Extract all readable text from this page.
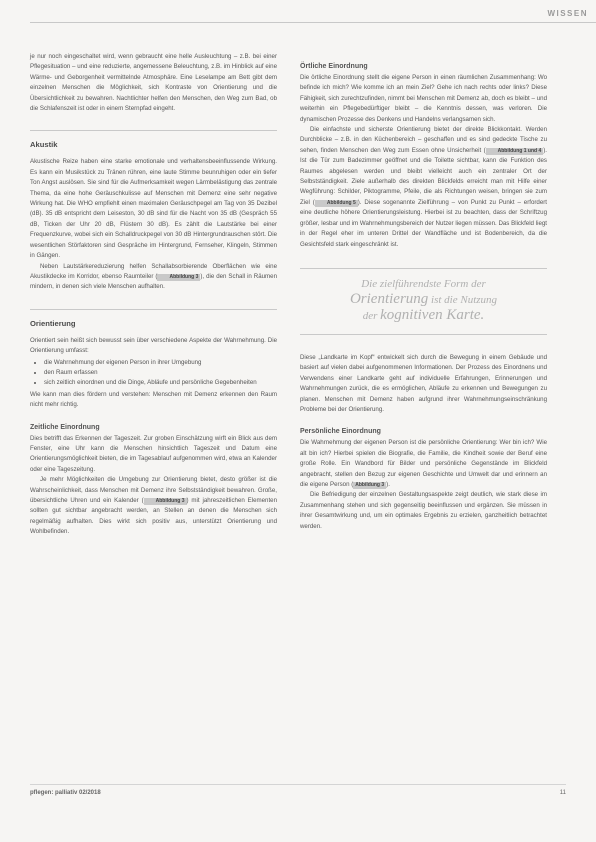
WISSEN

je nur noch eingeschaltet wird, wenn gebraucht eine helle Ausleuchtung – z.B. bei einer Pflegesituation – und eine reduzierte, angemessene Beleuchtung, z.B. im Hinblick auf eine Wärme- und Geborgenheit vermittelnde Atmosphäre. Eine Leselampe am Bett gibt dem einzelnen Menschen die Möglichkeit, sich Kontraste von Orientierung und die Übersichtlichkeit zu bewahren. Nachtlichter helfen den Menschen, den Weg zum Bad, ob die Schlafenszeit ist oder in einem Sternpfad eingeht.

Akustik

Akustische Reize haben eine starke emotionale und verhaltensbeeinflussende Wirkung. Es kann ein Musikstück zu Tränen rühren, eine laute Stimme beunruhigen oder ein tiefer Ton Angst auslösen. Sie sind für die Aufmerksamkeit wegen Lärmbelästigung das zentrale Thema, da eine hohe Geräuschkulisse auf Menschen mit Demenz eine sehr negative Wirkung hat. Die WHO empfiehlt einen maximalen Geräuschpegel am Tag von 35 Dezibel (dB). 35 dB entspricht dem Leiseston, 30 dB sind für die Nacht von 35 dB (Gespräch 55 dB, Ticken der Uhr 20 dB, Flüstern 30 dB). Es zählt die Lautstärke bei einer Frequenzkurve, wobei sich ein Schalldruckpegel von 30 dB Hintergrundrauschen stört. Die wesentlichen Störfaktoren sind Gespräche im Hintergrund, Fernseher, Klingeln, Stimmen in Gängen.

Neben Lautstärkereduzierung helfen Schallabsorbierende Oberflächen wie eine Akustikdecke im Korridor, ebenso Raumteiler ( Abbildung 3 ), die den Schall in Räumen mindern, in denen sich viele Menschen aufhalten.

Orientierung

Orientiert sein heißt sich bewusst sein über verschiedene Aspekte der Wahrnehmung. Die Orientierung umfasst:

• die Wahrnehmung der eigenen Person in ihrer Umgebung
• den Raum erfassen
• sich zeitlich einordnen und die Dinge, Abläufe und persönliche Gegebenheiten

Wie kann man dies fördern und verstehen: Menschen mit Demenz erkennen den Raum nicht mehr richtig.

Zeitliche Einordnung

Dies betrifft das Erkennen der Tageszeit. Zur groben Einschätzung wirft ein Blick aus dem Fenster, eine Uhr kann die Menschen hinsichtlich Tageszeit und Datum eine Orientierungsmöglichkeit bieten, die im Tagesablauf aufgenommen wird, etwa an Kalender oder eine Tageszeitung.

Je mehr Möglichkeiten die Umgebung zur Orientierung bietet, desto größer ist die Wahrscheinlichkeit, dass Menschen mit Demenz ihre Selbstständigkeit bewahren. Große, übersichtliche Uhren und ein Kalender ( Abbildung 3 ) mit jahreszeitlichen Elementen sollten gut sichtbar angebracht werden, an Stellen an denen die Menschen sich regelmäßig aufhalten. Dies wirkt sich positiv aus, unterstützt Orientierung und Wohlbefinden.

Örtliche Einordnung

Die örtliche Einordnung stellt die eigene Person in einen räumlichen Zusammenhang: Wo befinde ich mich? Wie komme ich an mein Ziel? Gehe ich nach rechts oder links? Diese Fähigkeit, sich zurechtzufinden, nimmt bei Menschen mit Demenz ab, doch es bleibt – und weiterhin ein Pflegebedürftiger bleibt – die Kenntnis dessen, was verloren. Die dynamischen Prozesse des Denkens und Handelns verlangsamen sich.

Die einfachste und sicherste Orientierung bietet der direkte Blickkontakt. Werden Durchblicke – z.B. in den Küchenbereich – geschaffen und es sind gedeckte Tische zu sehen, finden Menschen den Weg zum Essen ohne Unsicherheit ( Abbildung 1 und 4 ). Ist die Tür zum Badezimmer geöffnet und die Toilette sichtbar, kann die Funktion des Raumes abgelesen werden und bleibt vielleicht auch ein zentraler Ort der Selbstständigkeit. Ziele außerhalb des direkten Blickfelds erreicht man mit Hilfe einer Wegführung: Schilder, Piktogramme, Pfeile, die als Richtungen weisen, bringen sie zum Ziel ( Abbildung 5 ). Diese sogenannte Zielführung – von Punkt zu Punkt – erfordert eine deutliche höhere Orientierungsleistung. Hierbei ist zu beachten, dass der Schriftzug größer, lesbar und im Wahrnehmungsbereich der Nutzer liegen müssen. Das Blickfeld liegt in der Regel eher im unteren Drittel der Wandfläche und ist Bodenbereich, da die Gesichtsfeld stark eingeschränkt ist.

Die zielführendste Form der
Orientierung ist die Nutzung
der kognitiven Karte.

Diese „Landkarte im Kopf“ entwickelt sich durch die Bewegung in einem Gebäude und basiert auf vielen dabei aufgenommenen Informationen. Der Prozess des Einordnens und Verwendens einer Landkarte geht auf individuelle Erfahrungen, Erinnerungen und Wahrnehmungen zurück, die es ermöglichen, Abläufe zu erkennen und Bewegungen zu planen. Menschen mit Demenz haben aufgrund ihrer Wahrnehmungseinschränkung Probleme bei der Orientierung.

Persönliche Einordnung

Die Wahrnehmung der eigenen Person ist die persönliche Orientierung: Wer bin ich? Wie alt bin ich? Hierbei spielen die Biografie, die Familie, die Kindheit sowie der Beruf eine große Rolle. Ein Wandbord für Bilder und persönliche Gegenstände im Blickfeld angebracht, stellen den Bezug zur eigenen Geschichte und Umwelt dar und erinnern an die eigene Person ( Abbildung 3 ).

Die Befriedigung der einzelnen Gestaltungsaspekte zeigt deutlich, wie stark diese im Zusammenhang stehen und sich gegenseitig beeinflussen und ergänzen. Sie müssen in ihrer Gesamtwirkung und, um ein optimales Ergebnis zu erzielen, ganzheitlich betrachtet werden.

pflegen: palliativ 02/2018	11
